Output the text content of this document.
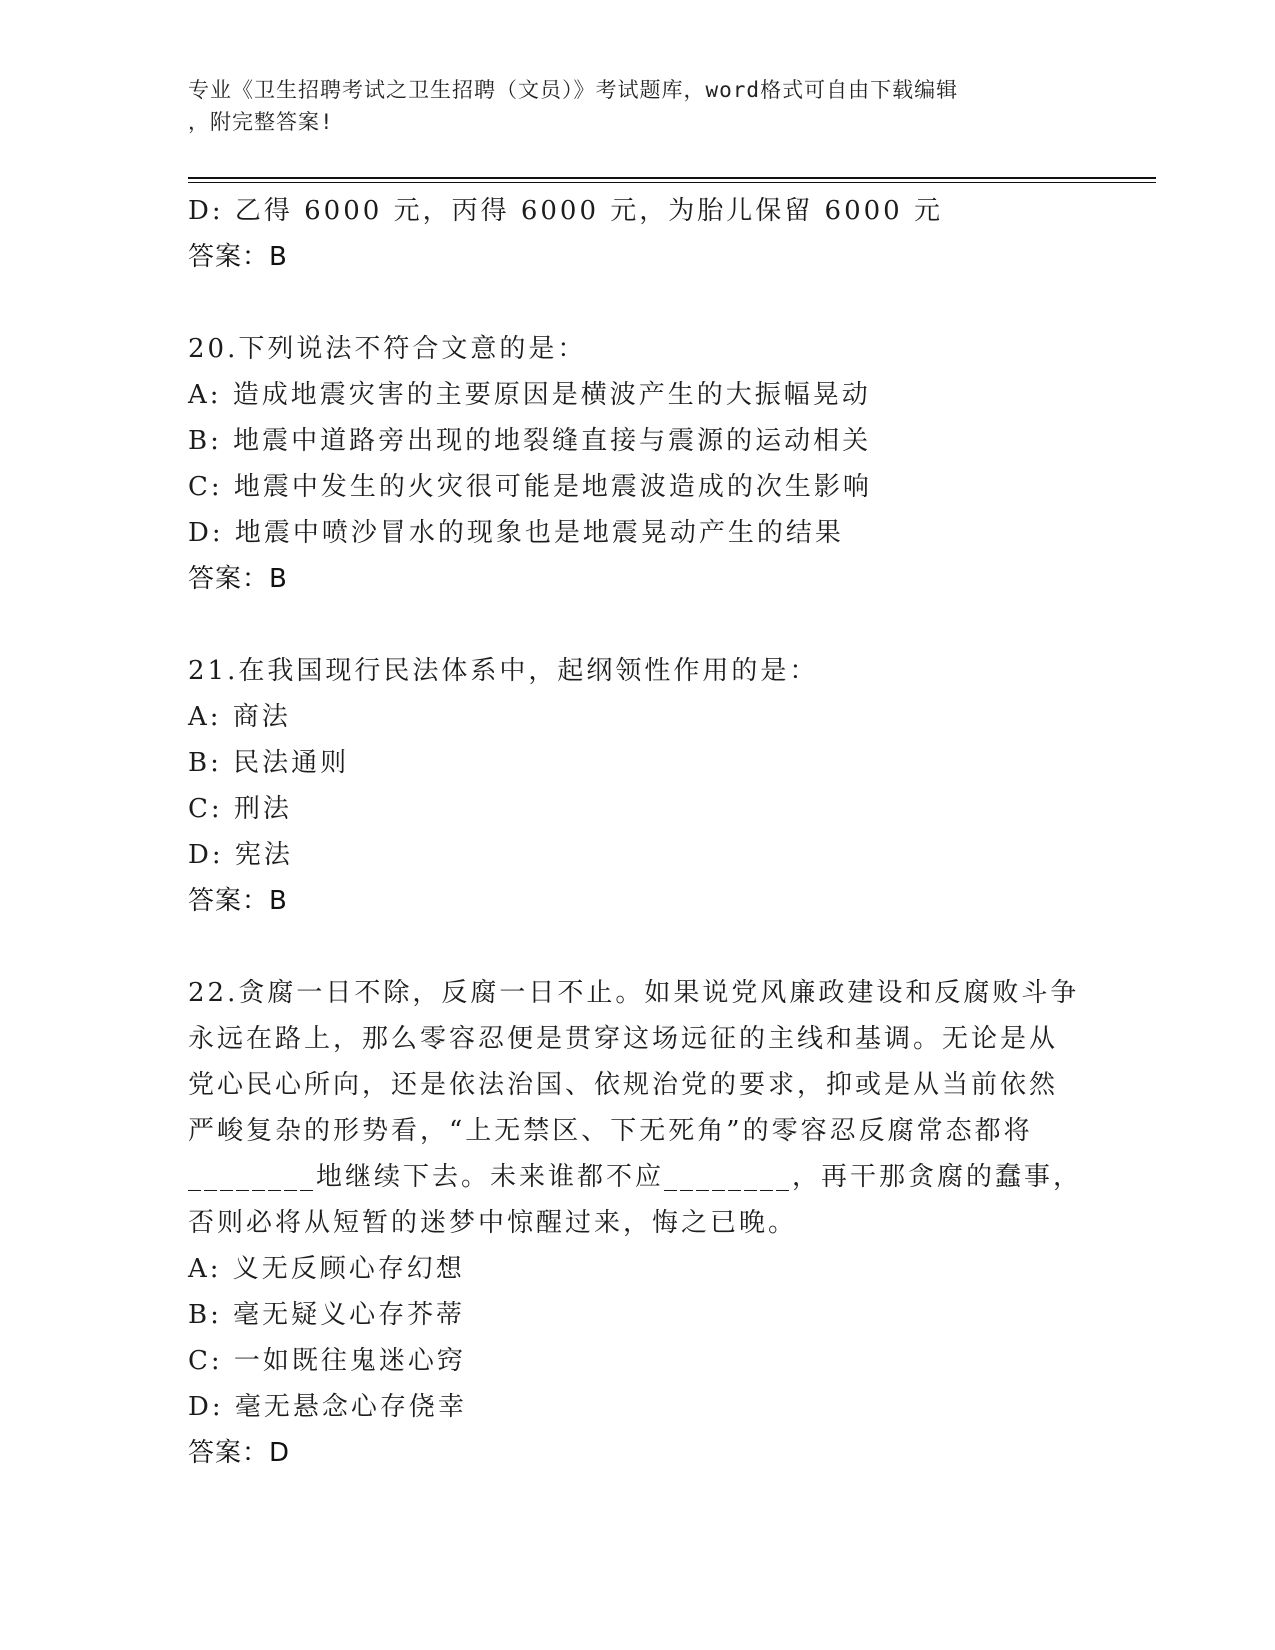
专业《卫生招聘考试之卫生招聘（文员）》考试题库，word格式可自由下载编辑
，附完整答案!
D: 乙得 6000 元，丙得 6000 元，为胎儿保留 6000 元
答案：B
20.下列说法不符合文意的是：
A: 造成地震灾害的主要原因是横波产生的大振幅晃动
B: 地震中道路旁出现的地裂缝直接与震源的运动相关
C: 地震中发生的火灾很可能是地震波造成的次生影响
D: 地震中喷沙冒水的现象也是地震晃动产生的结果
答案：B
21.在我国现行民法体系中，起纲领性作用的是：
A: 商法
B: 民法通则
C: 刑法
D: 宪法
答案：B
22.贪腐一日不除，反腐一日不止。如果说党风廉政建设和反腐败斗争
永远在路上，那么零容忍便是贯穿这场远征的主线和基调。无论是从
党心民心所向，还是依法治国、依规治党的要求，抑或是从当前依然
严峻复杂的形势看，“上无禁区、下无死角”的零容忍反腐常态都将
________地继续下去。未来谁都不应________，再干那贪腐的蠢事，
否则必将从短暂的迷梦中惊醒过来，悔之已晚。
A: 义无反顾心存幻想
B: 毫无疑义心存芥蒂
C: 一如既往鬼迷心窍
D: 毫无悬念心存侥幸
答案：D
